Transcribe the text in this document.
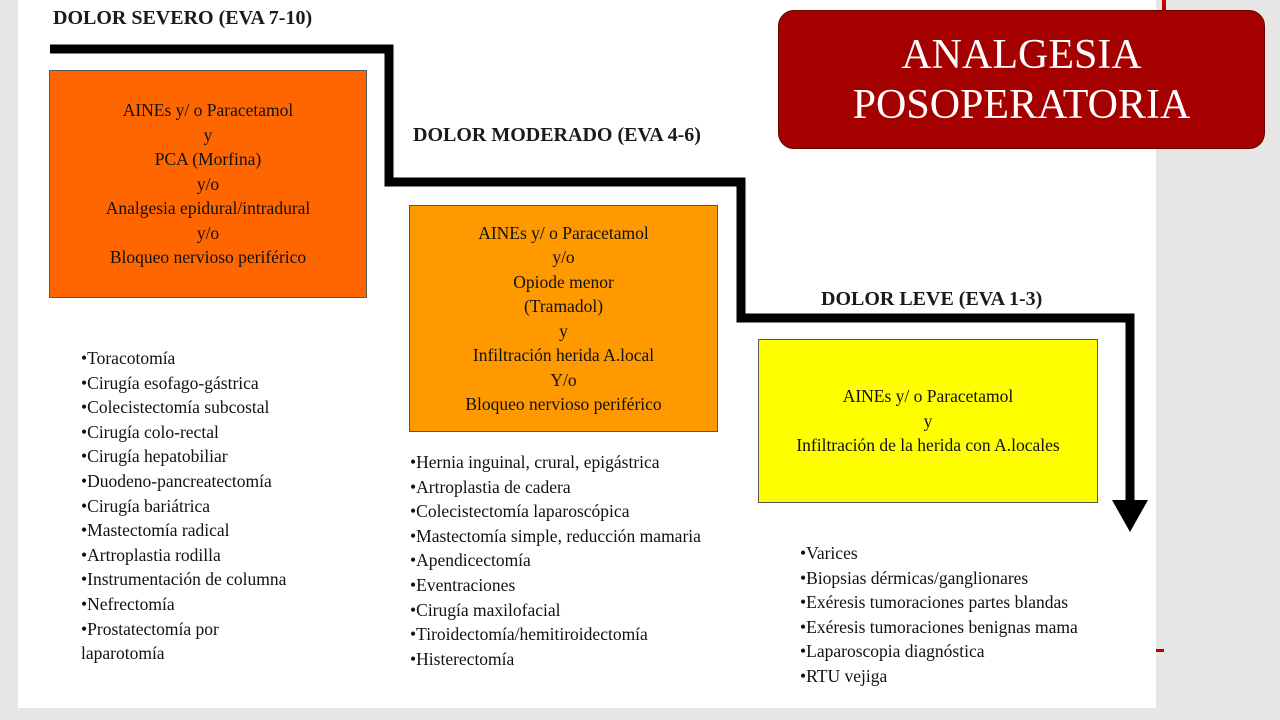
DOLOR SEVERO (EVA 7-10)
DOLOR MODERADO (EVA 4-6)
DOLOR LEVE (EVA 1-3)
AINEs y/ o Paracetamol
y
PCA (Morfina)
y/o
Analgesia epidural/intradural
y/o
Bloqueo nervioso periférico
AINEs y/ o Paracetamol
y/o
Opiode menor
(Tramadol)
y
Infiltración herida A.local
Y/o
Bloqueo nervioso periférico	AINEs y/ o Paracetamol
y
Infiltración de la herida con A.locales
• Toracotomía
• Cirugía esofago-gástrica
• Colecistectomía subcostal
• Cirugía colo-rectal
• Cirugía hepatobiliar
• Duodeno-pancreatectomía
• Cirugía bariátrica
• Mastectomía radical
• Artroplastia rodilla
• Instrumentación de columna
• Nefrectomía
• Prostatectomía por
laparotomía
• Hernia inguinal, crural, epigástrica
• Artroplastia de cadera
• Colecistectomía laparoscópica
• Mastectomía simple, reducción mamaria
• Apendicectomía
• Eventraciones
• Cirugía maxilofacial
• Tiroidectomía/hemitiroidectomía
• Histerectomía
• Varices
• Biopsias dérmicas/ganglionares
• Exéresis tumoraciones partes blandas
• Exéresis tumoraciones benignas mama
• Laparoscopia diagnóstica
• RTU vejiga
ANALGESIA
POSOPERATORIA
